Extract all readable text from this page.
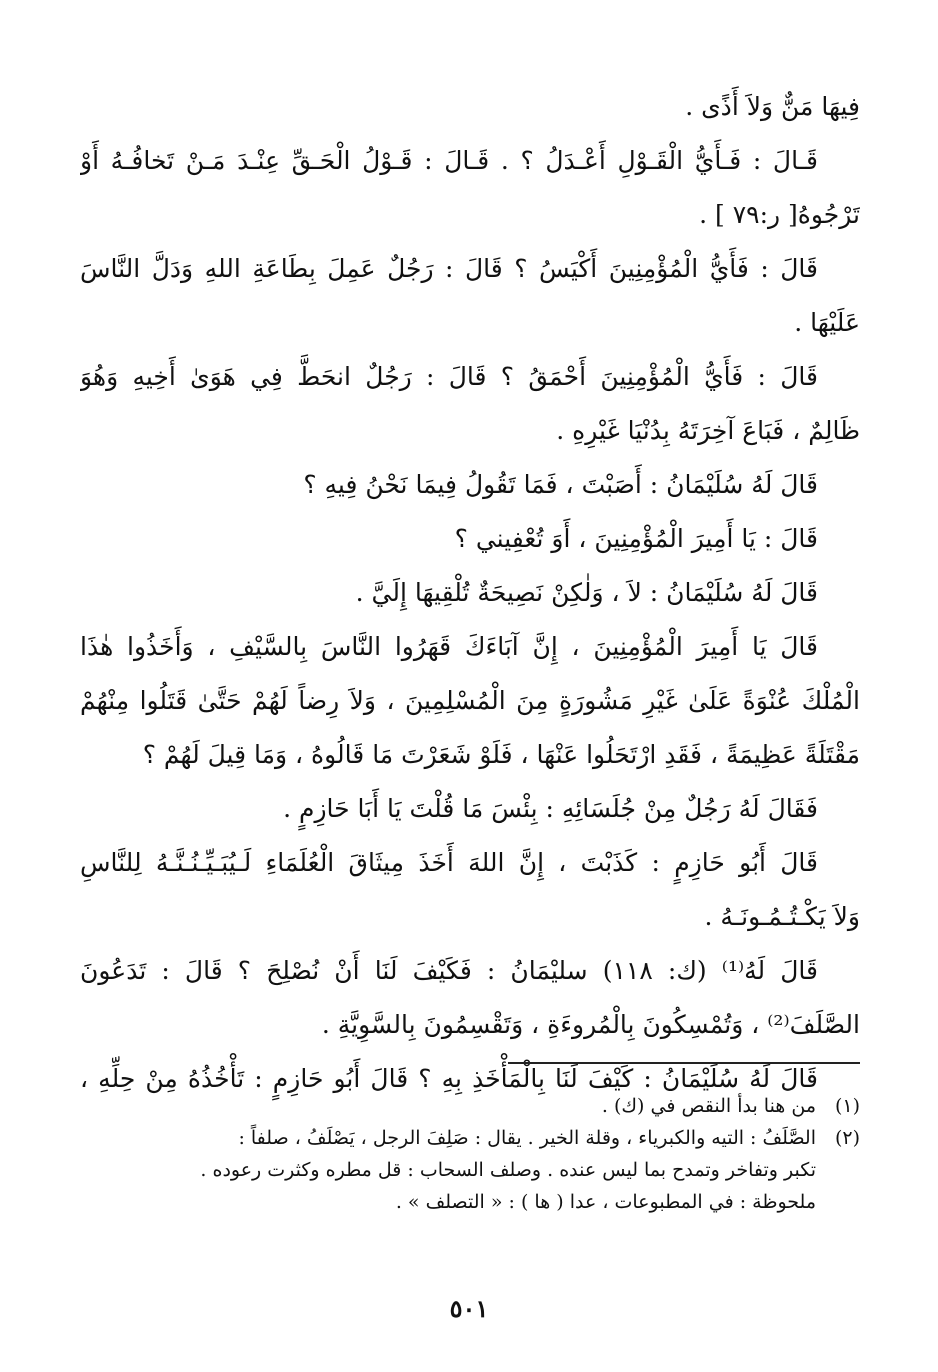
فِيهَا مَنٌّ وَلاَ أَذًى .
قَـالَ : فَـأَيُّ الْقَـوْلِ أَعْـدَلُ ؟ . قَـالَ : قَـوْلُ الْحَـقِّ عِنْـدَ مَـنْ تَخافُـهُ أَوْ
تَرْجُوهُ[ ر:٧٩ ] .
قَالَ : فَأَيُّ الْمُؤْمِنِينَ أَكْيَسُ ؟ قَالَ : رَجُلٌ عَمِلَ بِطَاعَةِ اللهِ وَدَلَّ النَّاسَ
عَلَيْهَا .
قَالَ : فَأَيُّ الْمُؤْمِنِينَ أَحْمَقُ ؟ قَالَ : رَجُلٌ انحَطَّ فِي هَوَىٰ أَخِيهِ وَهُوَ
ظَالِمٌ ، فَبَاعَ آخِرَتَهُ بِدُنْيَا غَيْرِهِ .
قَالَ لَهُ سُلَيْمَانُ : أَصَبْتَ ، فَمَا تَقُولُ فِيمَا نَحْنُ فِيهِ ؟
قَالَ : يَا أَمِيرَ الْمُؤْمِنِينَ ، أَوَ تُعْفِيني ؟
قَالَ لَهُ سُلَيْمَانُ : لاَ ، وَلٰكِنْ نَصِيحَةٌ تُلْقِيهَا إِلَيَّ .
قَالَ يَا أَمِيرَ الْمُؤْمِنِينَ ، إِنَّ آبَاءَكَ قَهَرُوا النَّاسَ بِالسَّيْفِ ، وَأَخَذُوا هٰذَا
الْمُلْكَ عُنْوَةً عَلَىٰ غَيْرِ مَشُورَةٍ مِنَ الْمُسْلِمِينَ ، وَلاَ رِضاً لَهُمْ حَتَّىٰ قَتَلُوا مِنْهُمْ
مَقْتَلَةً عَظِيمَةً ، فَقَدِ ارْتَحَلُوا عَنْهَا ، فَلَوْ شَعَرْتَ مَا قَالُوهُ ، وَمَا قِيلَ لَهُمْ ؟
فَقَالَ لَهُ رَجُلٌ مِنْ جُلَسَائِهِ : بِئْسَ مَا قُلْتَ يَا أَبَا حَازِمٍ .
قَالَ أَبُو حَازِمٍ : كَذَبْتَ ، إِنَّ اللهَ أَخَذَ مِيثَاقَ الْعُلَمَاءِ لَـيُبَـيِّـنُـنَّـهُ لِلنَّاسِ
وَلاَ يَكْـتُـمُـونَـهُ .
قَالَ لَهُ⁽¹⁾ (ك: ١١٨) سليْمَانُ : فَكَيْفَ لَنَا أَنْ نُصْلِحَ ؟ قَالَ : تَدَعُونَ
الصَّلَفَ⁽²⁾ ، وَتُمْسِكُونَ بِالْمُروءَةِ ، وَتَقْسِمُونَ بِالسَّوِيَّةِ .
قَالَ لَهُ سُلَيْمَانُ : كَيْفَ لَنَا بِالْمَأْخَذِ بِهِ ؟ قَالَ أَبُو حَازِمٍ : تَأْخُذُهُ مِنْ حِلِّهِ ،
(١)
من هنا بدأ النقص في (ك) .
(٢)
الصَّلَفُ : التيه والكبرياء ، وقلة الخير . يقال : صَلِفَ الرجل ، يَصْلَفُ ، صلفاً :
تكبر وتفاخر وتمدح بما ليس عنده . وصلف السحاب : قل مطره وكثرت رعوده .
ملحوظة : في المطبوعات ، عدا ( ها ) : « التصلف » .
٥٠١
